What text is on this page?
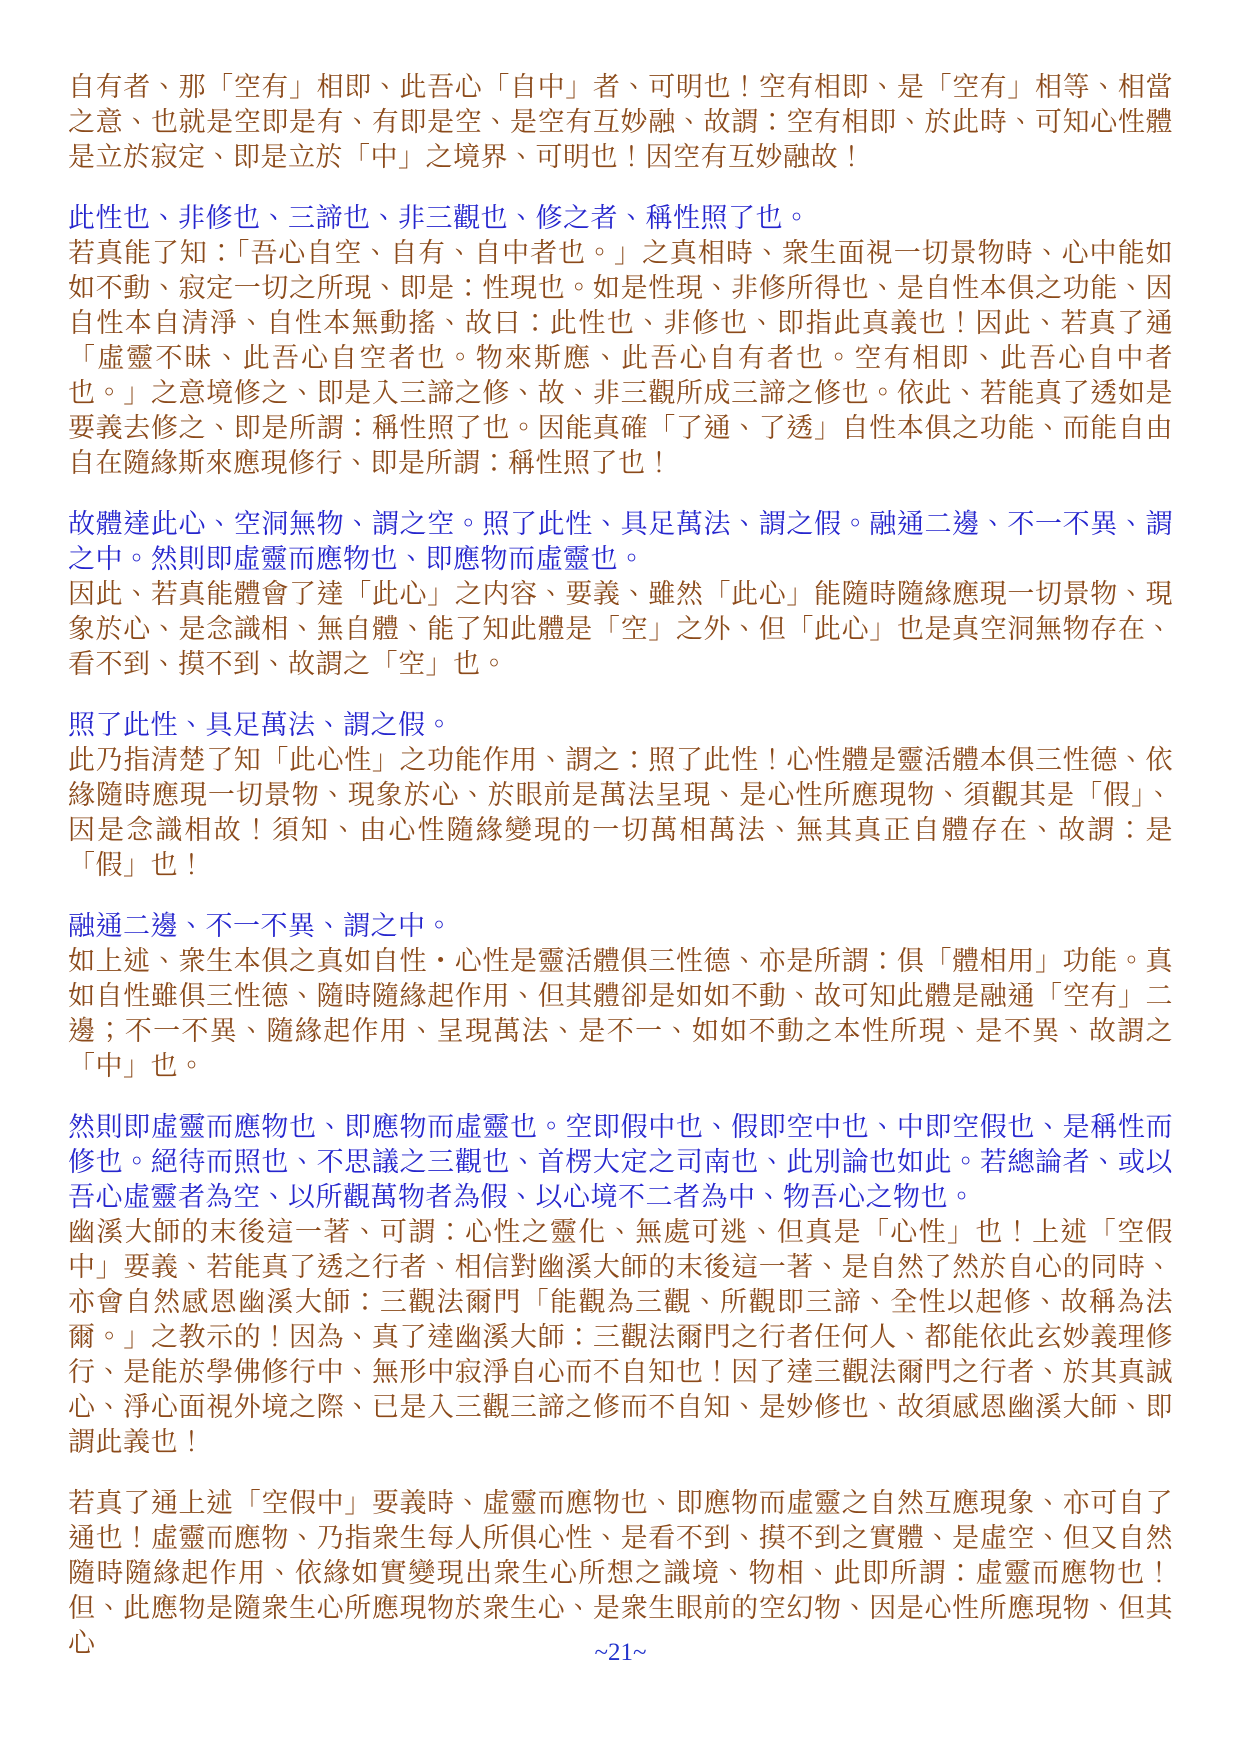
自有者、那「空有」相即、此吾心「自中」者、可明也！空有相即、是「空有」相等、相當之意、也就是空即是有、有即是空、是空有互妙融、故謂：空有相即、於此時、可知心性體是立於寂定、即是立於「中」之境界、可明也！因空有互妙融故！

此性也、非修也、三諦也、非三觀也、修之者、稱性照了也。

若真能了知：「吾心自空、自有、自中者也。」之真相時、衆生面視一切景物時、心中能如如不動、寂定一切之所現、即是：性現也。如是性現、非修所得也、是自性本俱之功能、因自性本自清淨、自性本無動搖、故曰：此性也、非修也、即指此真義也！因此、若真了通「虛靈不昧、此吾心自空者也。物來斯應、此吾心自有者也。空有相即、此吾心自中者也。」之意境修之、即是入三諦之修、故、非三觀所成三諦之修也。依此、若能真了透如是要義去修之、即是所謂：稱性照了也。因能真確「了通、了透」自性本俱之功能、而能自由自在隨緣斯來應現修行、即是所謂：稱性照了也！

故體達此心、空洞無物、謂之空。照了此性、具足萬法、謂之假。融通二邊、不一不異、謂之中。然則即虛靈而應物也、即應物而虛靈也。

因此、若真能體會了達「此心」之内容、要義、雖然「此心」能隨時隨緣應現一切景物、現象於心、是念識相、無自體、能了知此體是「空」之外、但「此心」也是真空洞無物存在、看不到、摸不到、故謂之「空」也。

照了此性、具足萬法、謂之假。

此乃指清楚了知「此心性」之功能作用、謂之：照了此性！心性體是靈活體本俱三性德、依緣隨時應現一切景物、現象於心、於眼前是萬法呈現、是心性所應現物、須觀其是「假」、因是念識相故！須知、由心性隨緣變現的一切萬相萬法、無其真正自體存在、故謂：是「假」也！

融通二邊、不一不異、謂之中。

如上述、衆生本俱之真如自性・心性是靈活體俱三性德、亦是所謂：俱「體相用」功能。真如自性雖俱三性德、隨時隨緣起作用、但其體卻是如如不動、故可知此體是融通「空有」二邊；不一不異、隨緣起作用、呈現萬法、是不一、如如不動之本性所現、是不異、故謂之「中」也。

然則即虛靈而應物也、即應物而虛靈也。空即假中也、假即空中也、中即空假也、是稱性而修也。絕待而照也、不思議之三觀也、首楞大定之司南也、此別論也如此。若總論者、或以吾心虛靈者為空、以所觀萬物者為假、以心境不二者為中、物吾心之物也。

幽溪大師的末後這一著、可謂：心性之靈化、無處可逃、但真是「心性」也！上述「空假中」要義、若能真了透之行者、相信對幽溪大師的末後這一著、是自然了然於自心的同時、亦會自然感恩幽溪大師：三觀法爾門「能觀為三觀、所觀即三諦、全性以起修、故稱為法爾。」之教示的！因為、真了達幽溪大師：三觀法爾門之行者任何人、都能依此玄妙義理修行、是能於學佛修行中、無形中寂淨自心而不自知也！因了達三觀法爾門之行者、於其真誠心、淨心面視外境之際、已是入三觀三諦之修而不自知、是妙修也、故須感恩幽溪大師、即謂此義也！

若真了通上述「空假中」要義時、虛靈而應物也、即應物而虛靈之自然互應現象、亦可自了通也！虛靈而應物、乃指衆生每人所俱心性、是看不到、摸不到之實體、是虛空、但又自然隨時隨緣起作用、依緣如實變現出衆生心所想之識境、物相、此即所謂：虛靈而應物也！但、此應物是隨衆生心所應現物於衆生心、是衆生眼前的空幻物、因是心性所應現物、但其心	~21~
